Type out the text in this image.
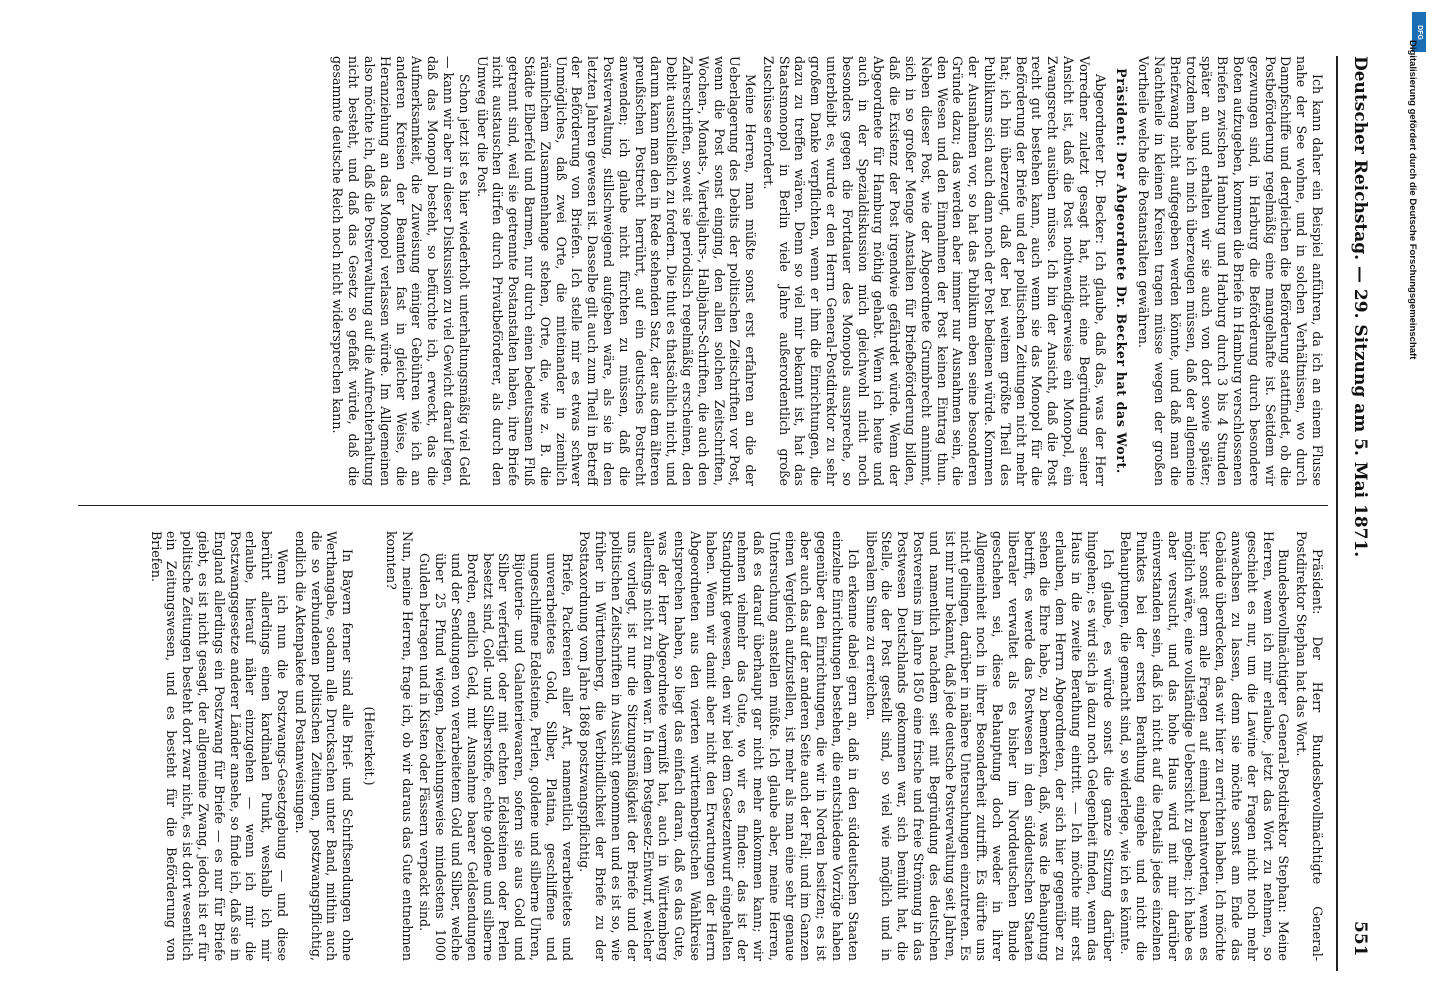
Deutscher Reichstag. — 29. Sitzung am 5. Mai 1871.
551

Ich kann daher ein Beispiel anführen, da ich an einem Flusse nahe der See wohne, und in solchen Verhältnissen, wo durch Dampfschiffe und dergleichen die Beförderung stattfindet, ob die Postbeförderung regelmäßig eine mangelhafte ist. Seitdem wir gezwungen sind, in Harburg die Beförderung durch besondere Boten aufzugeben, kommen die Briefe in Hamburg verschlossenen Briefen zwischen Hamburg und Harburg durch 3 bis 4 Stunden später an und erhalten wir sie auch von dort sowie später; trotzdem habe ich mich überzeugen müssen, daß der allgemeine Briefzwang nicht aufgegeben werden könnte, und daß man die Nachtheile in kleinen Kreisen tragen müsse wegen der großen Vortheile welche die Postanstalten gewähren.

Präsident: Der Abgeordnete Dr. Becker hat das Wort.

Abgeordneter Dr. Becker: Ich glaube, daß das, was der Herr Vorredner zuletzt gesagt hat, nicht eine Begründung seiner Ansicht ist, daß die Post nothwendigerweise ein Monopol, ein Zwangsrecht ausüben müsse. Ich bin der Ansicht, daß die Post recht gut bestehen kann, auch wenn sie das Monopol für die Beförderung der Briefe und der politischen Zeitungen nicht mehr hat; ich bin überzeugt, daß der bei weitem größte Theil des Publikums sich auch dann noch der Post bedienen würde. Kommen der Ausnahmen vor, so hat das Publikum eben seine besonderen Gründe dazu; das werden aber immer nur Ausnahmen sein, die den Wesen und den Einnahmen der Post keinen Eintrag thun. Neben dieser Post, wie der Abgeordnete Grumbrecht annimmt, sich in so großer Menge Anstalten für Briefbeförderung bilden, daß die Existenz der Post irgendwie gefährdet würde. Wenn der Abgeordnete für Hamburg nöthig gehabt. Wenn ich heute und auch in der Spezialdiskussion mich gleichwohl nicht noch besonders gegen die Fortdauer des Monopols ausspreche, so unterbleibt es, wurde er den Herrn General-Postdirektor zu sehr großem Danke verpflichten, wenn er ihm die Einrichtungen, die dazu zu treffen wären. Denn so viel mir bekannt ist, hat das Staatsmonopol in Berlin viele Jahre außerordentlich große Zuschüsse erfordert.

Meine Herren, man müßte sonst erst erfahren an die der Ueberlagerung des Debits der politischen Zeitschriften vor Post, wenn die Post sonst einging, den allen solchen Zeitschriften, Wochen-, Monats-, Vierteljahrs-, Halbjahrs-Schriften, die auch den Zahreschriften, soweit sie periodisch regelmäßig erscheinen, den Debit ausschließlich zu fordern. Die thut es thatsächlich nicht, und darum kann man den in Rede stehenden Satz, der aus dem älteren preußischen Postrecht herrührt, auf ein deutsches Postrecht anwenden; ich glaube nicht fürchten zu müssen, daß die Postverwaltung, stillschweigend aufgeben wäre, als sie in den letzten Jahren gewesen ist. Dasselbe gilt auch zum Theil in Betreff der Beförderung von Briefen. Ich stelle mir es etwas schwer Unmögliches, daß zwei Orte, die miteinander in ziemlich räumlichem Zusammenhange stehen, Orte, die, wie z. B. die Städte Elberfeld und Barmen, nur durch einen bedeutsamen Fluß getrennt sind, weil sie getrennte Postanstalten haben, ihre Briefe nicht austauschen dürfen durch Privatbeförderer, als durch den Umweg über die Post.

Schon jetzt ist es hier wiederholt unterhaltungsmäßig viel Geld — kann wir aber in dieser Diskussion zu viel Gewicht darauf legen, daß das Monopol besteht, so befürchte ich, erweckt, das die Aufmerksamkeit, die Zuweisung einiger Gebühren wie ich an anderen Kreisen der Beamten fast in gleicher Weise, die Heranziehung an das Monopol verlassen würde. Im Allgemeinen also möchte ich, daß die Postverwaltung auf die Aufrechterhaltung nicht besteht, und daß das Gesetz so gefaßt würde, daß die gesammte deutsche Reich noch nicht widersprechen kann.

Präsident: Der Herr Bundesbevollmächtigte General-Postdirektor Stephan hat das Wort.

Bundesbevollmächtigter General-Postdirektor Stephan: Meine Herren, wenn ich mir erlaube, jetzt das Wort zu nehmen, so geschieht es nur, um die Lawine der Fragen nicht noch mehr anwachsen zu lassen, denn sie möchte sonst am Ende das Gebäude überdecken, das wir hier zu errichten haben. Ich möchte hier sonst gern alle Fragen auf einmal beantworten, wenn es möglich wäre, eine vollständige Uebersicht zu geben; ich habe es aber versucht, und das hohe Haus wird mit mir darüber einverstanden sein, daß ich nicht auf die Details jedes einzelnen Punktes bei der ersten Berathung eingehe und nicht die Behauptungen, die gemacht sind, so widerlege, wie ich es könnte.

Ich glaube, es würde sonst die ganze Sitzung darüber hingehen; es wird sich ja dazu noch Gelegenheit finden, wenn das Haus in die zweite Berathung eintritt. — Ich möchte mir erst erlauben, dem Herrn Abgeordneten, der sich hier gegenüber zu sehen die Ehre habe, zu bemerken, daß, was die Behauptung betrifft, es werde das Postwesen in den süddeutschen Staaten liberaler verwaltet als es bisher im Norddeutschen Bunde geschehen sei, diese Behauptung doch weder in ihrer Allgemeinheit noch in ihrer Besonderheit zutrifft. Es dürfte uns nicht gelingen, darüber in nähere Untersuchungen einzutreten. Es ist mir nur bekannt, daß jede deutsche Postverwaltung seit Jahren, und namentlich nachdem seit mit Begründung des deutschen Postvereins im Jahre 1850 eine frische und freie Strömung in das Postwesen Deutschlands gekommen war, sich bemüht hat, die Stelle, die der Post gestellt sind, so viel wie möglich und in liberalem Sinne zu erreichen.

Ich erkenne dabei gern an, daß in den süddeutschen Staaten einzelne Einrichtungen bestehen, die entschiedene Vorzüge haben gegenüber den Einrichtungen, die wir in Norden besitzen; es ist aber auch das auf der anderen Seite auch der Fall; und im Ganzen einen Vergleich aufzustellen, ist mehr als man eine sehr genaue Untersuchung anstellen müßte. Ich glaube aber, meine Herren, daß es darauf überhaupt gar nicht mehr ankommen kann; wir nehmen vielmehr das Gute, wo wir es finden: das ist der Standpunkt gewesen, den wir bei dem Gesetzentwurf eingehalten haben. Wenn wir damit aber nicht den Erwartungen der Herrn Abgeordneten aus den vierten württembergischen Wahlkreise entsprechen haben, so liegt das einfach daran, daß es das Gute, was der Herr Abgeordnete vermißt hat, auch in Württemberg allerdings nicht zu finden war. In dem Postgesetz-Entwurf, welcher uns vorliegt, ist nur die Sitzungsmäßigkeit der Briefe und der politischen Zeitschriften in Aussicht genommen und es ist so, wie früher in Württemberg, die Verbindlichkeit der Briefe zu der Posttaxordnung vom Jahre 1868 postzwangspflichtig.

Briefe, Packereien aller Art, namentlich verarbeitetes und unverarbeitetes Gold, Silber, Platina, geschliffene und ungeschliffene Edelsteine, Perlen, goldene und silberne Uhren, Bijouterie- und Galanteriewaaren, sofern sie aus Gold und Silber verfertigt oder mit echten Edelsteinen oder Perlen besetzt sind, Gold- und Silberstoffe, echte goldene und silberne Borden, endlich Geld, mit Ausnahme baarer Geldsendungen und der Sendungen von verarbeitetem Gold und Silber, welche über 25 Pfund wiegen, beziehungsweise mindestens 1000 Gulden betragen und in Kisten oder Fässern verpackt sind.

Nun, meine Herren, frage ich, ob wir daraus das Gute entnehmen konnten?

(Heiterkeit.)

In Bayern ferner sind alle Brief- und Schriftsendungen ohne Werthangabe, sodann alle Drucksachen unter Band, mithin auch die so verbundenen politischen Zeitungen, postzwangspflichtig, endlich die Aktenpakete und Postanweisungen.

Wenn ich nun die Postzwangs-Gesetzgebung — und diese berührt allerdings einen kardinalen Punkt, weshalb ich mir erlaube, hierauf näher einzugehen — wenn ich mir die Postzwangsgesetze anderer Länder ansehe, so finde ich, daß sie in England allerdings ein Postzwang für Briefe — es nur für Briefe giebt, es ist nicht gesagt, der allgemeine Zwang, jedoch ist er für politische Zeitungen besteht dort zwar nicht, es ist dort wesentlich ein Zeitungswesen, und es besteht für die Beförderung von Briefen.

DFG
Digitalisierung gefördert durch die Deutsche Forschungsgemeinschaft
